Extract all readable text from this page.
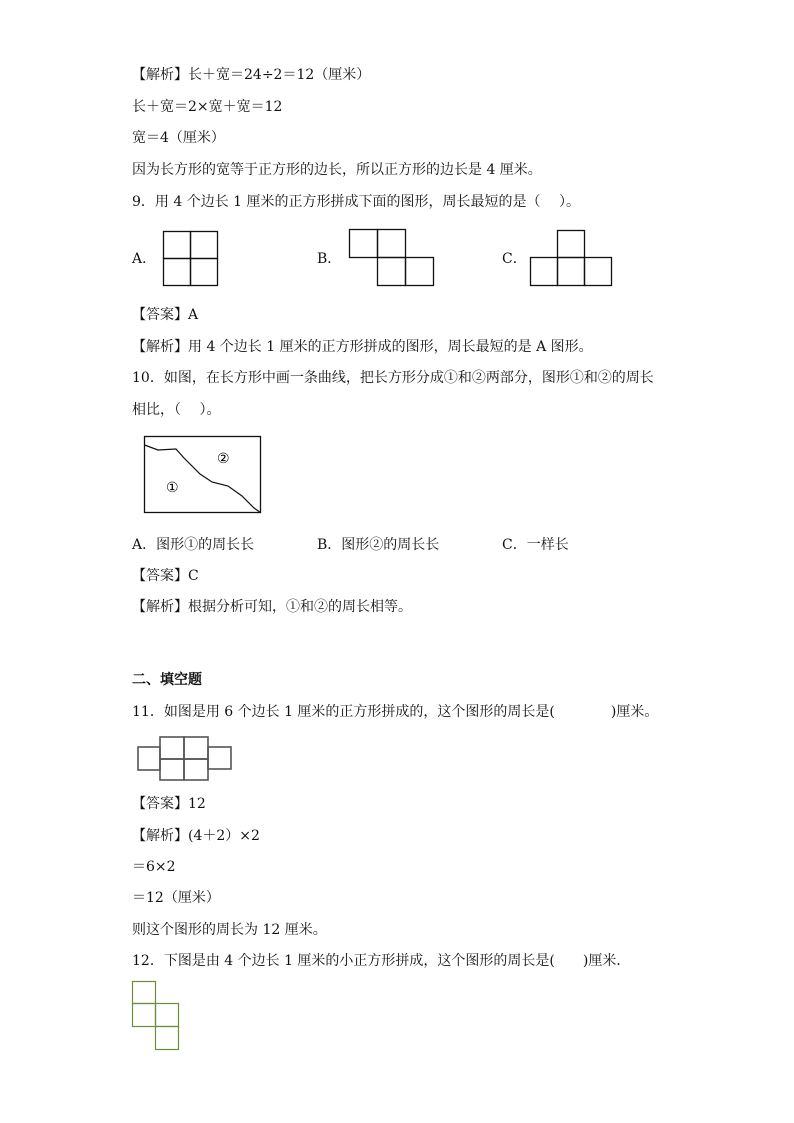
【解析】长＋宽＝24÷2＝12（厘米）
长＋宽＝2×宽＋宽＝12
宽＝4（厘米）
因为长方形的宽等于正方形的边长，所以正方形的边长是 4 厘米。
9．用 4 个边长 1 厘米的正方形拼成下面的图形，周长最短的是（　 ）。
A．	B．	C．
【答案】A
【解析】用 4 个边长 1 厘米的正方形拼成的图形，周长最短的是 A 图形。
10．如图，在长方形中画一条曲线，把长方形分成①和②两部分，图形①和②的周长
相比，（　 ）。
②
①
A．图形①的周长长	B．图形②的周长长	C．一样长
【答案】C
【解析】根据分析可知，①和②的周长相等。
二、填空题
11．如图是用 6 个边长 1 厘米的正方形拼成的，这个图形的周长是(　　　　)厘米。
【答案】12
【解析】(4＋2）×2
＝6×2
＝12（厘米）
则这个图形的周长为 12 厘米。
12．下图是由 4 个边长 1 厘米的小正方形拼成，这个图形的周长是(　　)厘米．
